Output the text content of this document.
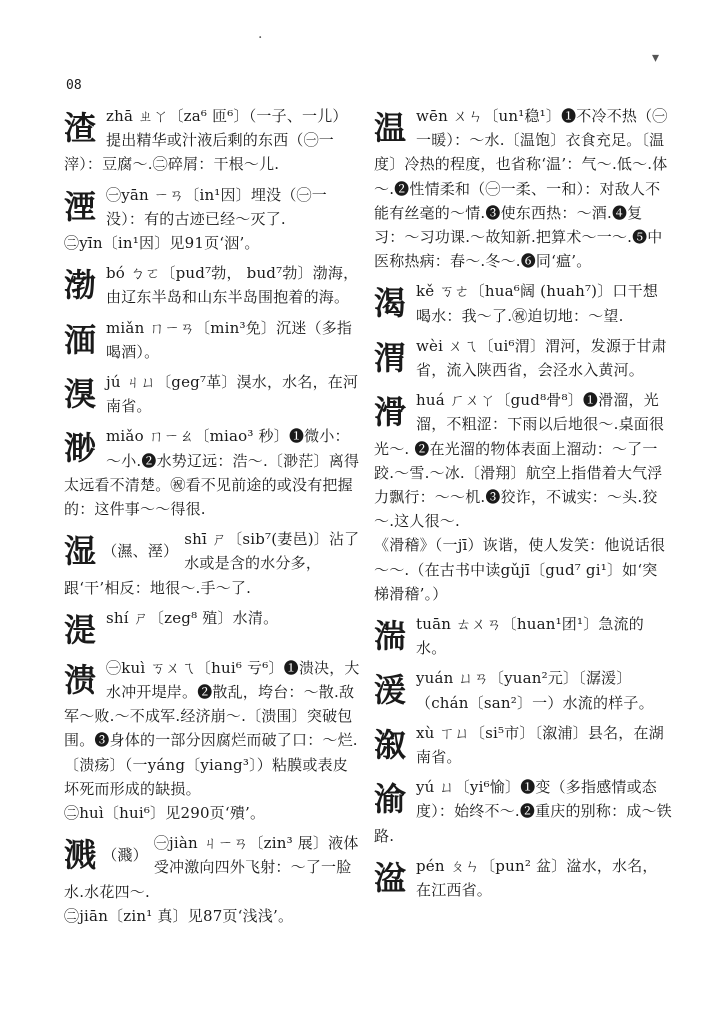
·
▾
08
渣zhā ㄓㄚ〔za⁶ 匝⁶〕（一子、一儿）提出精华或汁液后剩的东西（㊀一滓）：豆腐～.㊁碎屑：干根～儿.
湮 ㊀yān ㄧㄢ〔in¹因〕埋没（㊀一没）：有的古迹已经～灭了.
㊁yīn〔in¹因〕见91页‘洇’。
渤bó ㄅㄛ〔pud⁷勃， bud⁷勃〕渤海，由辽东半岛和山东半岛围抱着的海。
湎miǎn ㄇㄧㄢ〔min³免〕沉迷（多指喝酒）。
湨jú ㄐㄩ〔geg⁷革〕湨水，水名，在河南省。
渺miǎo ㄇㄧㄠ〔miao³ 秒〕❶微小：～小.❷水势辽远：浩～.〔渺茫〕离得太远看不清楚。㊗看不见前途的或没有把握的：这件事～～得很.
湿 （濕、溼）
shī ㄕ〔sib⁷(妻邑)〕沾了水或是含的水分多，跟‘干’相反：地很～.手～了.
湜shí ㄕ〔zeg⁸ 殖〕水清。
溃 ㊀kuì ㄎㄨㄟ〔hui⁶ 亏⁶〕❶溃决，大水冲开堤岸。❷散乱，垮台：～散.敌军～败.～不成军.经济崩～.〔溃围〕突破包围。❸身体的一部分因腐烂而破了口：～烂.〔溃疡〕（一yáng〔yiang³〕）粘膜或表皮坏死而形成的缺损。
㊁huì〔hui⁶〕见290页‘殨’。
溅 （濺）
㊀jiàn ㄐㄧㄢ〔zin³ 展〕液体受冲激向四外飞射：～了一脸水.水花四～.
㊁jiān〔zin¹ 真〕见87页‘浅浅’。
温wēn ㄨㄣ〔un¹稳¹〕❶不冷不热（㊀一暖）：～水.〔温饱〕衣食充足。〔温度〕冷热的程度，也省称‘温’：气～.低～.体～.❷性情柔和（㊀一柔、一和）：对敌人不能有丝毫的～情.❸使东西热：～酒.❹复习：～习功课.～故知新.把算术～一～.❺中医称热病：春～.冬～.❻同‘瘟’。
渴kě ㄎㄜ〔hua⁶阔 (huah⁷)〕口干想喝水：我～了.㊗迫切地：～望.
渭wèi ㄨㄟ〔ui⁶渭〕渭河，发源于甘肃省，流入陕西省，会泾水入黄河。
滑huá ㄏㄨㄚ〔gud⁸骨⁸〕❶滑溜，光溜，不粗涩：下雨以后地很～.桌面很光～. ❷在光溜的物体表面上溜动：～了一跤.～雪.～冰.〔滑翔〕航空上指借着大气浮力飘行：～～机.❸狡诈，不诚实：～头.狡～.这人很～.
《滑稽》（一jī）诙谐，使人发笑：他说话很～～.（在古书中读gǔjī〔gud⁷ gi¹〕如‘突梯滑稽’。）
湍tuān ㄊㄨㄢ〔huan¹团¹〕急流的水。
湲yuán ㄩㄢ〔yuan²元〕〔潺湲〕（chán〔san²〕一）水流的样子。
溆xù ㄒㄩ〔si⁵市〕〔溆浦〕县名，在湖南省。
渝yú ㄩ〔yi⁶愉〕❶变（多指感情或态度）：始终不～.❷重庆的别称：成～铁路.
湓pén ㄆㄣ〔pun² 盆〕湓水，水名，在江西省。
